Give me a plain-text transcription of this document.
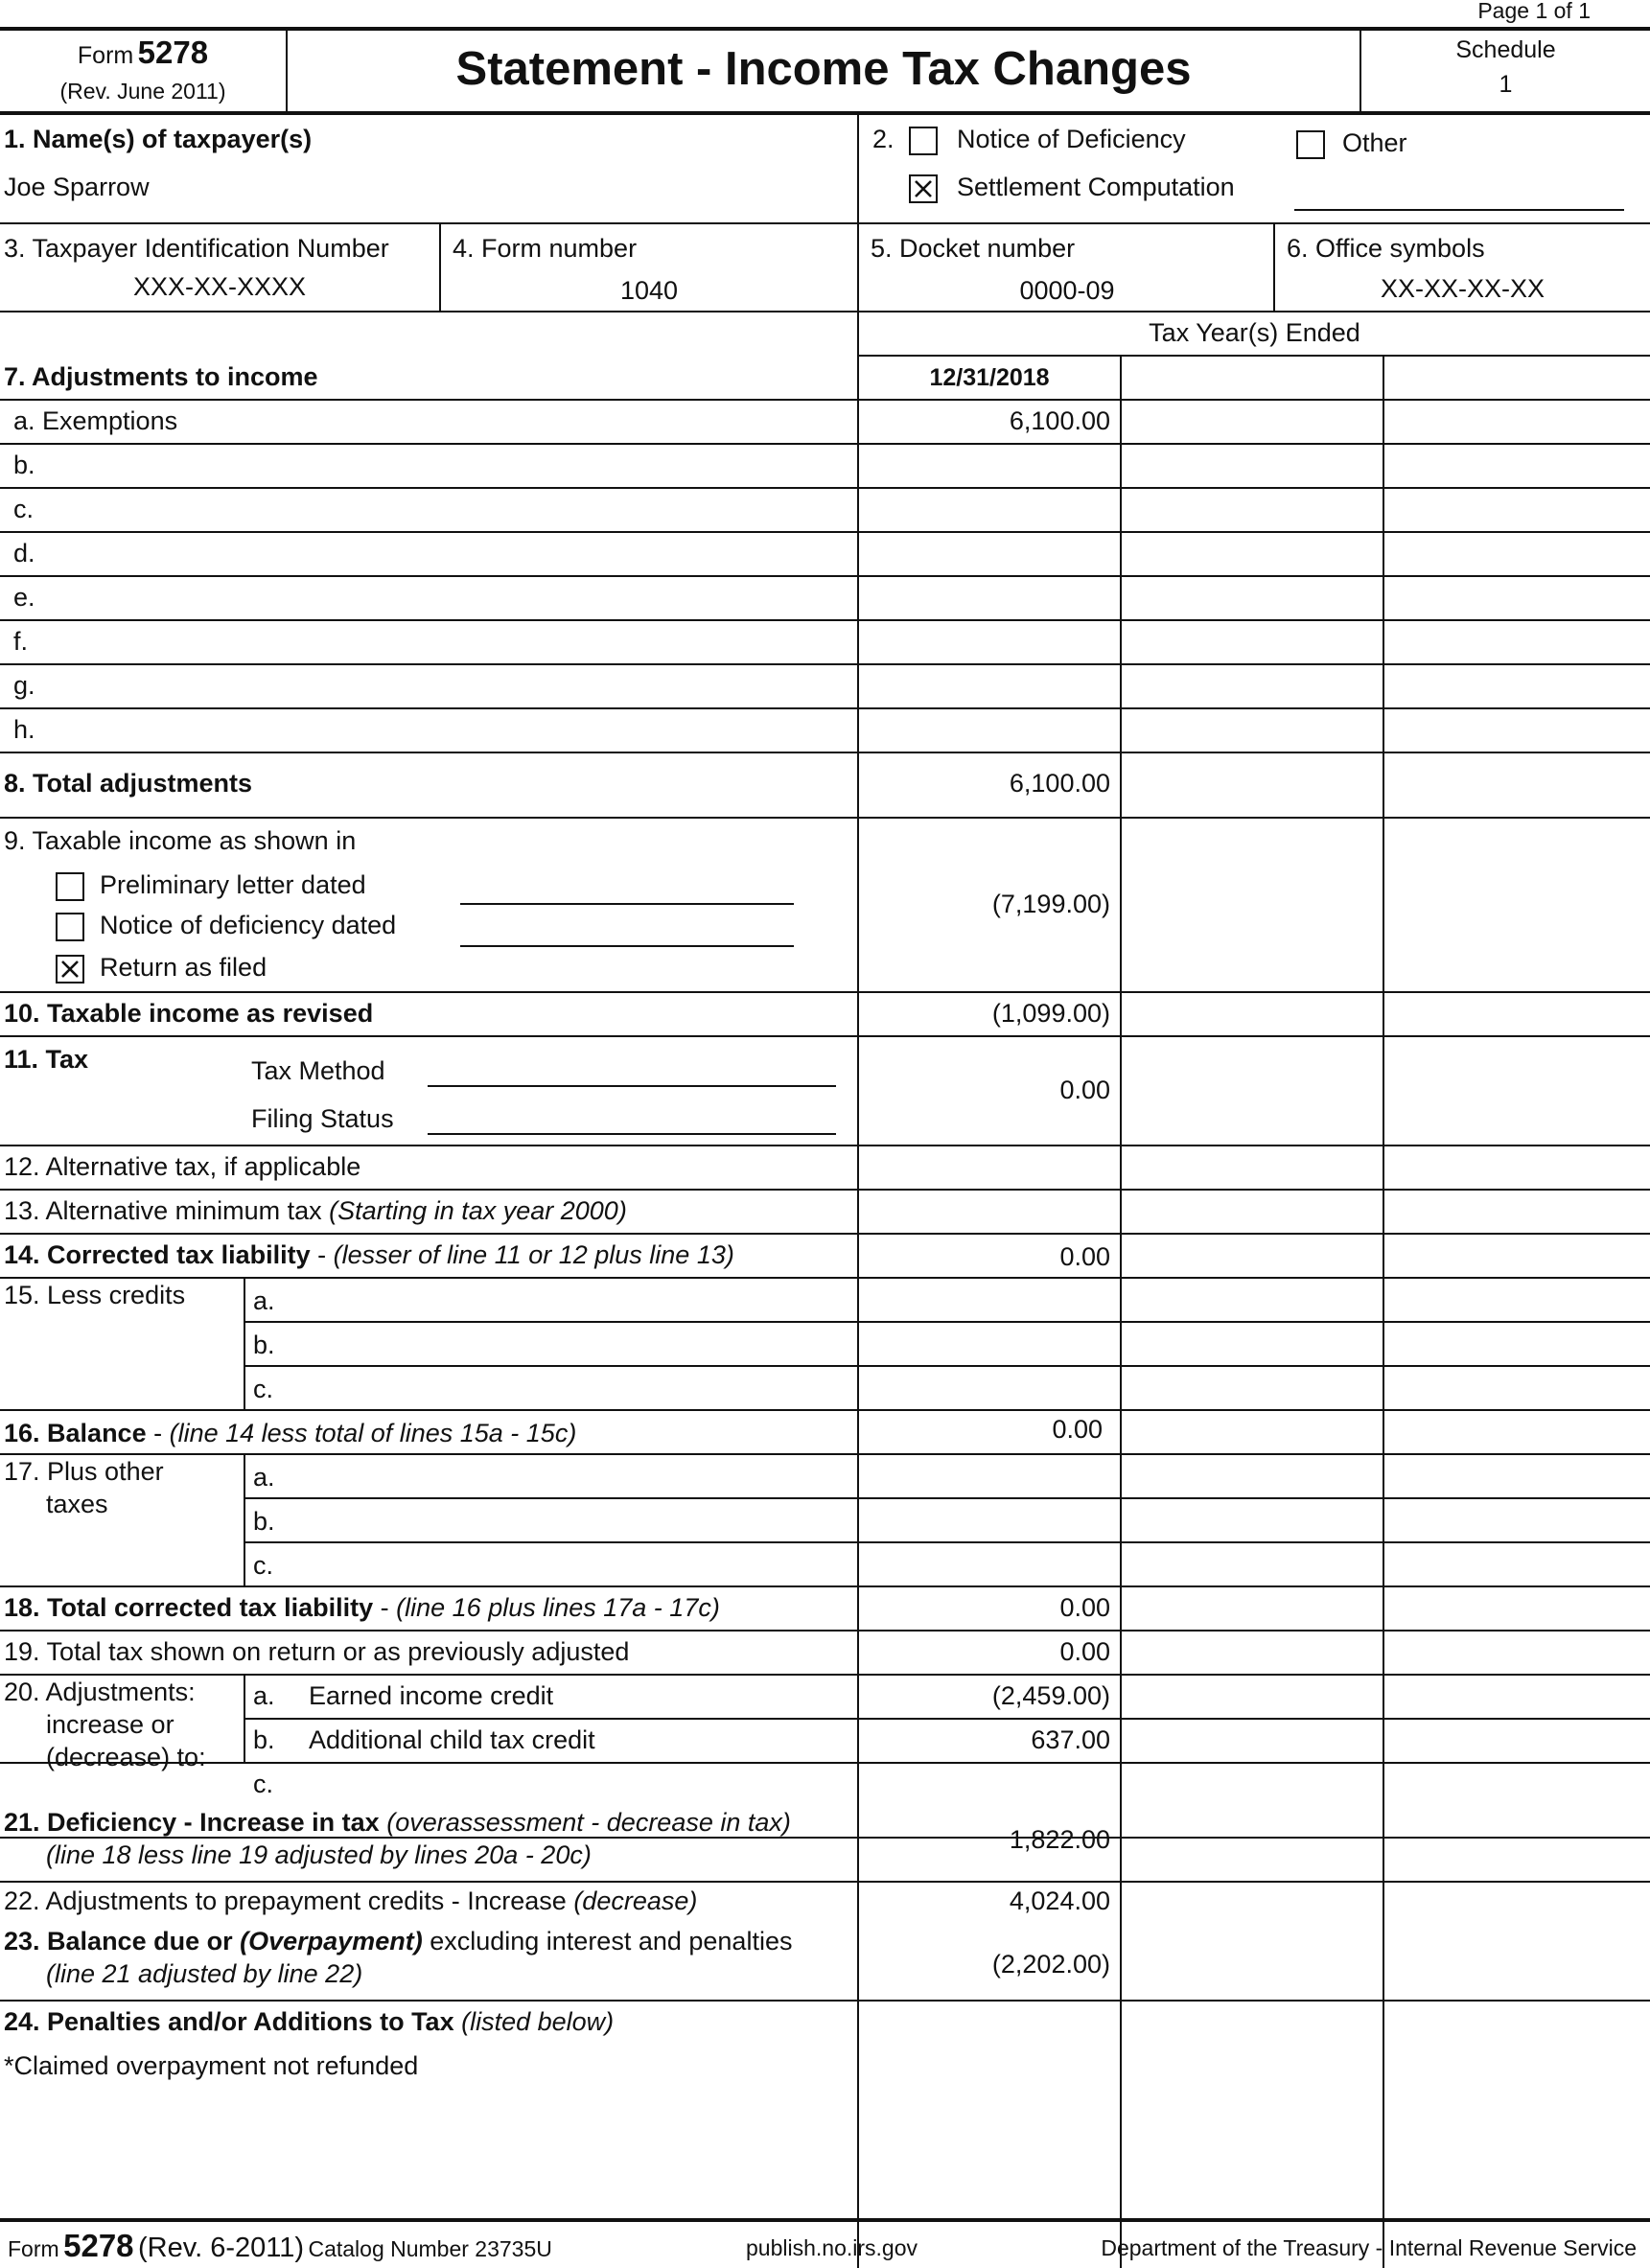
Page 1 of 1
Form 5278
(Rev. June 2011)	Statement - Income Tax Changes	Schedule
1
1. Name(s) of taxpayer(s)
Joe Sparrow
2. Notice of Deficiency
Settlement Computation
Other
3. Taxpayer Identification Number
XXX-XX-XXXX
4. Form number
1040
5. Docket number
0000-09
6. Office symbols
XX-XX-XX-XX
Tax Year(s) Ended
7. Adjustments to income	12/31/2018
a. Exemptions	6,100.00
b.
c.
d.
e.
f.
g.
h.
8. Total adjustments	6,100.00
9. Taxable income as shown in
Preliminary letter dated
Notice of deficiency dated
Return as filed
(7,199.00)
10. Taxable income as revised	(1,099.00)
11. Tax	Tax Method
Filing Status
0.00
12. Alternative tax, if applicable
13. Alternative minimum tax (Starting in tax year 2000)
14. Corrected tax liability - (lesser of line 11 or 12 plus line 13)	0.00
15. Less credits	a.
b.
c.
16. Balance - (line 14 less total of lines 15a - 15c)	0.00
17. Plus other
taxes
a.
b.
c.
18. Total corrected tax liability - (line 16 plus lines 17a - 17c)	0.00
19. Total tax shown on return or as previously adjusted	0.00
20. Adjustments:
increase or
(decrease) to:
a. Earned income credit	(2,459.00)
b. Additional child tax credit	637.00
c.
21. Deficiency - Increase in tax (overassessment - decrease in tax)
(line 18 less line 19 adjusted by lines 20a - 20c)
1,822.00
22. Adjustments to prepayment credits - Increase (decrease)	4,024.00
23. Balance due or (Overpayment) excluding interest and penalties
(line 21 adjusted by line 22)	(2,202.00)
24. Penalties and/or Additions to Tax (listed below)
*Claimed overpayment not refunded
Form 5278 (Rev. 6-2011) Catalog Number 23735U	publish.no.irs.gov	Department of the Treasury - Internal Revenue Service
